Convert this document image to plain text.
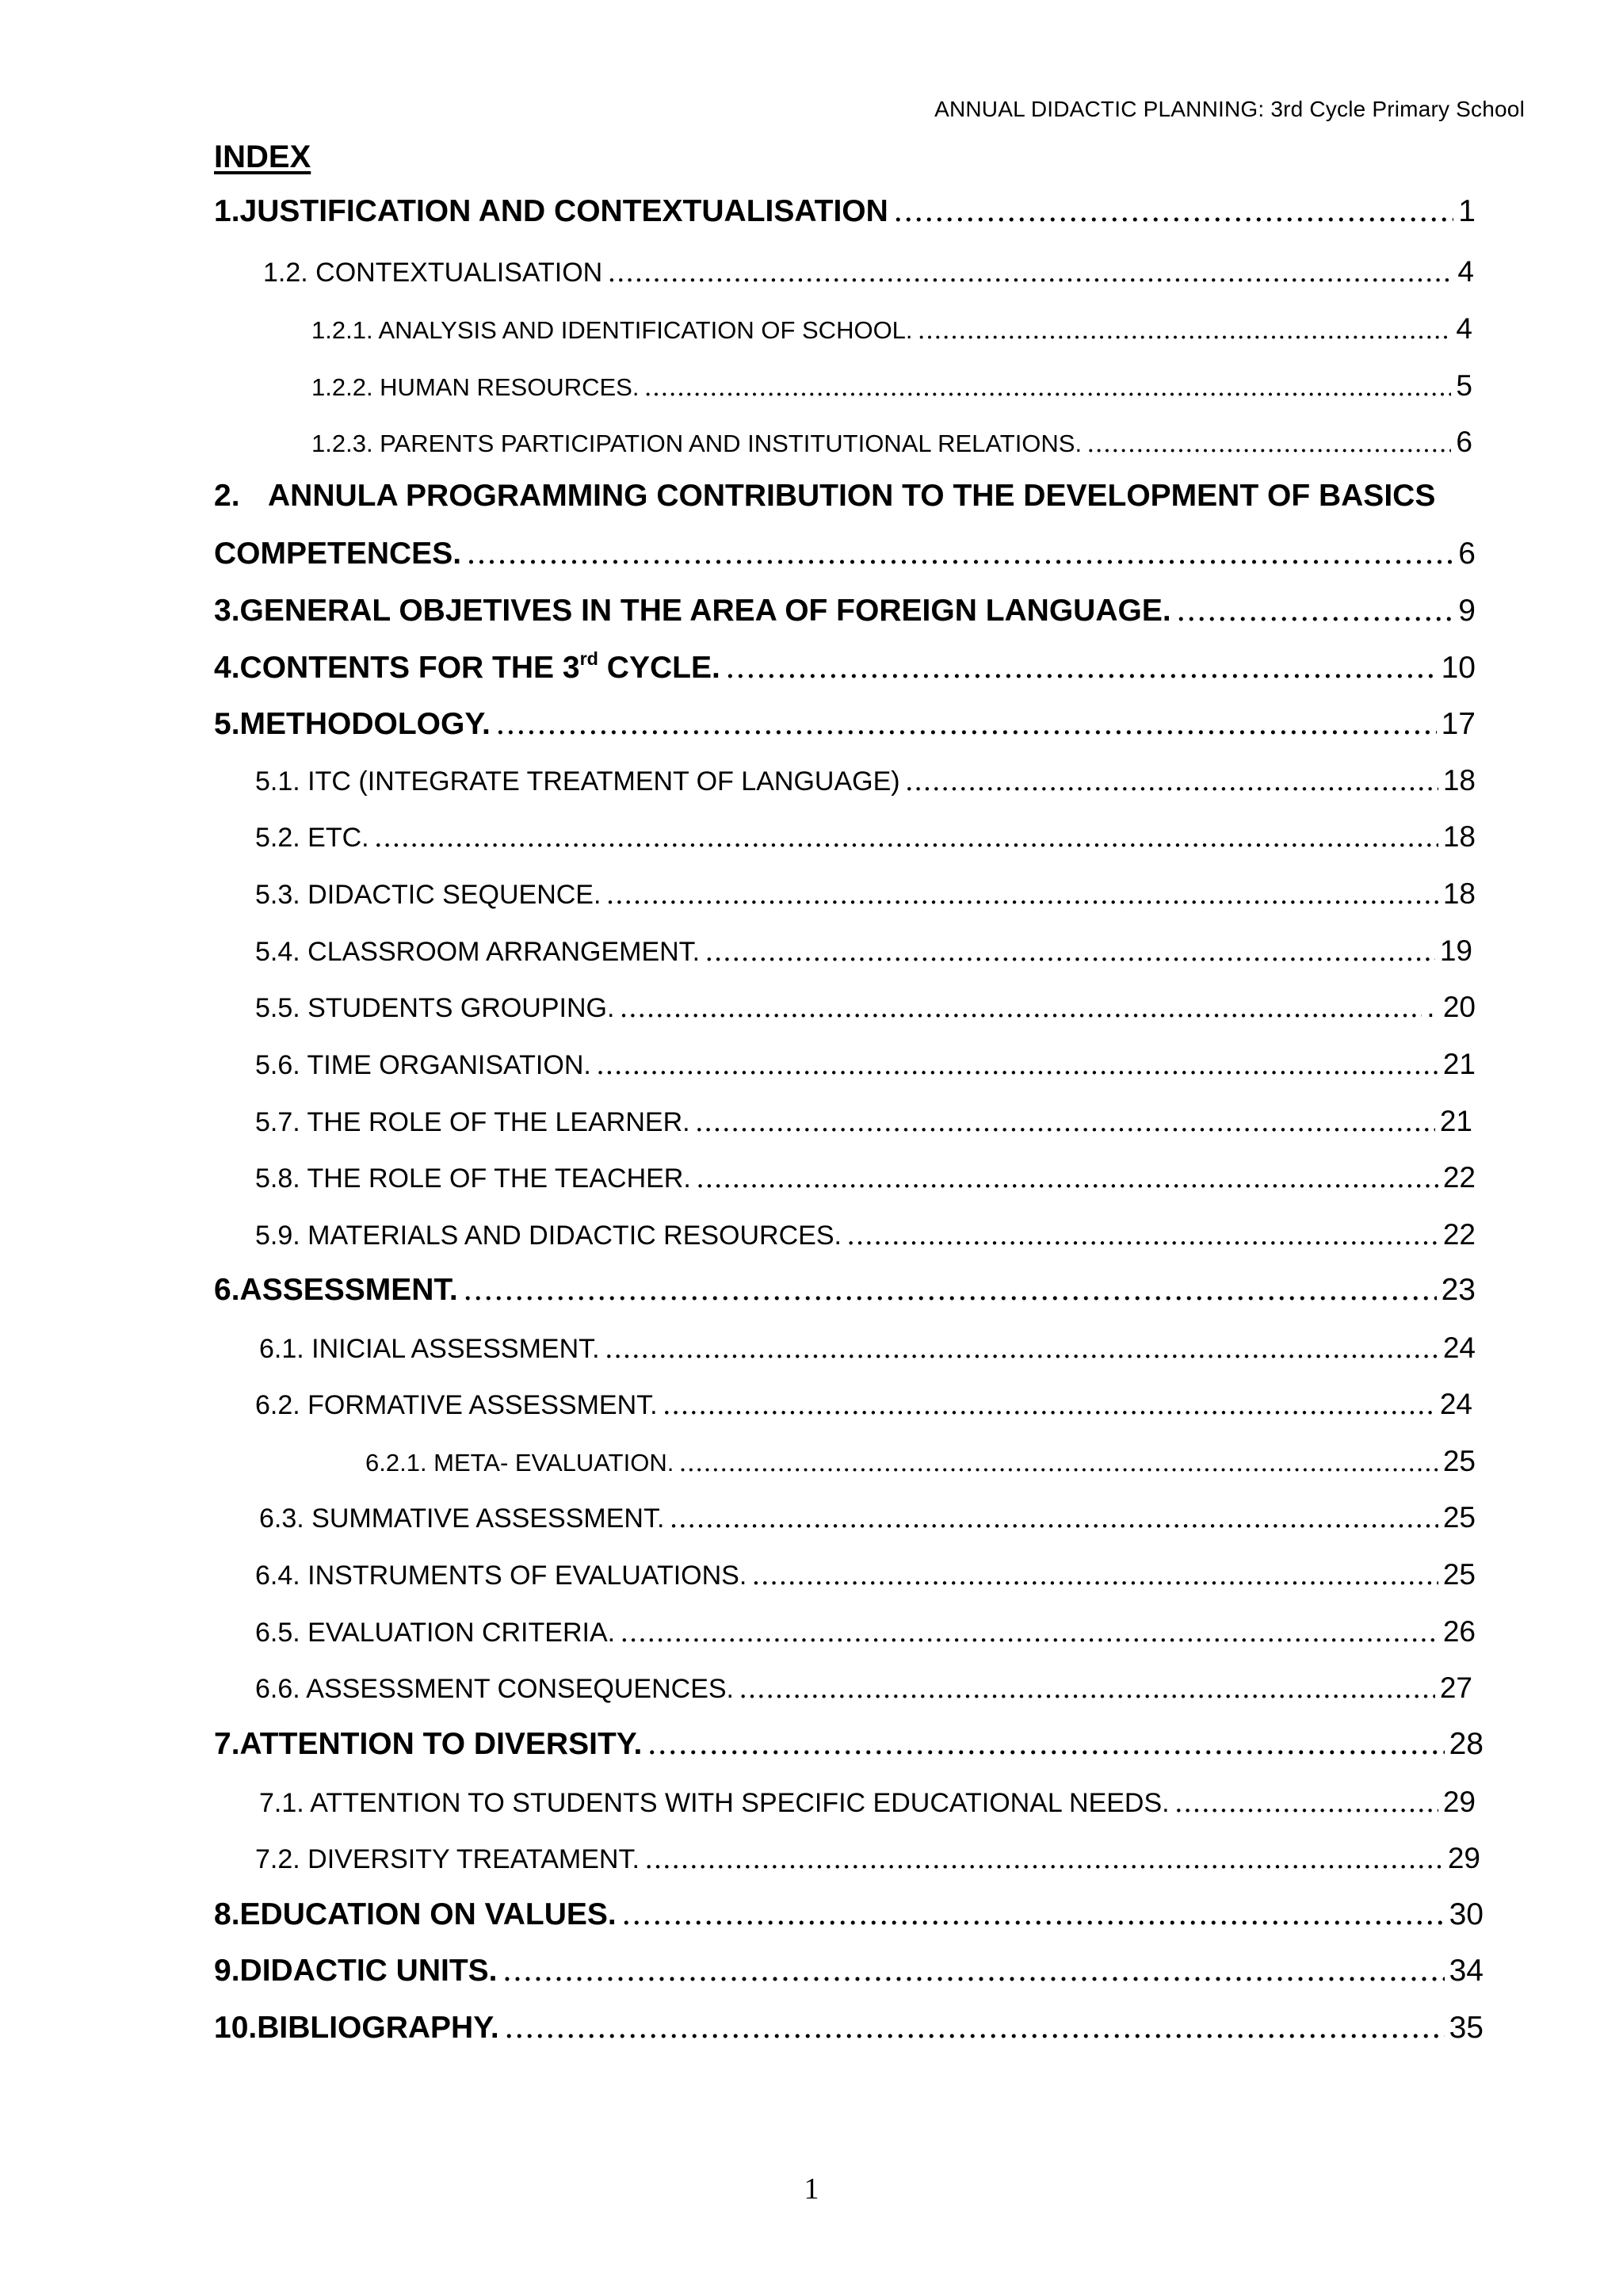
ANNUAL DIDACTIC PLANNING: 3rd Cycle Primary School
INDEX
1. JUSTIFICATION AND CONTEXTUALISATION …………………………………………………………………………………………………………………………………………………………………………………………………………………	1
1.2. CONTEXTUALISATION …………………………………………………………………………………………………………………………………………………………………………………………………………………	4
1.2.1. ANALYSIS AND IDENTIFICATION OF SCHOOL. …………………………………………………………………………………………………………………………………………………………………………………………………………………	4
1.2.2. HUMAN RESOURCES. …………………………………………………………………………………………………………………………………………………………………………………………………………………	5
1.2.3. PARENTS PARTICIPATION AND INSTITUTIONAL RELATIONS. …………………………………………………………………………………………………………………………………………………………………………………………………………………	6
2. ANNULA PROGRAMMING CONTRIBUTION TO THE DEVELOPMENT OF BASICS
COMPETENCES. …………………………………………………………………………………………………………………………………………………………………………………………………………………	6
3. GENERAL OBJETIVES IN THE AREA OF FOREIGN LANGUAGE. …………………………………………………………………………………………………………………………………………………………………………………………………………………	9
4. CONTENTS FOR THE 3rd CYCLE. …………………………………………………………………………………………………………………………………………………………………………………………………………………	10
5. METHODOLOGY. …………………………………………………………………………………………………………………………………………………………………………………………………………………	17
5.1. ITC (INTEGRATE TREATMENT OF LANGUAGE) …………………………………………………………………………………………………………………………………………………………………………………………………………………	18
5.2. ETC. …………………………………………………………………………………………………………………………………………………………………………………………………………………	18
5.3. DIDACTIC SEQUENCE. …………………………………………………………………………………………………………………………………………………………………………………………………………………	18
5.4. CLASSROOM ARRANGEMENT. …………………………………………………………………………………………………………………………………………………………………………………………………………………	19
5.5. STUDENTS GROUPING. …………………………………………………………………………………………………………………………………………………………………………………………………………………	. 20
5.6. TIME ORGANISATION. …………………………………………………………………………………………………………………………………………………………………………………………………………………	21
5.7. THE ROLE OF THE LEARNER. …………………………………………………………………………………………………………………………………………………………………………………………………………………	21
5.8. THE ROLE OF THE TEACHER. …………………………………………………………………………………………………………………………………………………………………………………………………………………	22
5.9. MATERIALS AND DIDACTIC RESOURCES. …………………………………………………………………………………………………………………………………………………………………………………………………………………	22
6. ASSESSMENT. …………………………………………………………………………………………………………………………………………………………………………………………………………………	23
6.1. INICIAL ASSESSMENT. …………………………………………………………………………………………………………………………………………………………………………………………………………………	24
6.2. FORMATIVE ASSESSMENT. …………………………………………………………………………………………………………………………………………………………………………………………………………………	24
6.2.1. META- EVALUATION. …………………………………………………………………………………………………………………………………………………………………………………………………………………	25
6.3. SUMMATIVE ASSESSMENT. …………………………………………………………………………………………………………………………………………………………………………………………………………………	25
6.4. INSTRUMENTS OF EVALUATIONS. …………………………………………………………………………………………………………………………………………………………………………………………………………………	25
6.5. EVALUATION CRITERIA. …………………………………………………………………………………………………………………………………………………………………………………………………………………	26
6.6. ASSESSMENT CONSEQUENCES. …………………………………………………………………………………………………………………………………………………………………………………………………………………	27
7. ATTENTION TO DIVERSITY. …………………………………………………………………………………………………………………………………………………………………………………………………………………	28
7.1. ATTENTION TO STUDENTS WITH SPECIFIC EDUCATIONAL NEEDS. …………………………………………………………………………………………………………………………………………………………………………………………………………………	29
7.2. DIVERSITY TREATAMENT. …………………………………………………………………………………………………………………………………………………………………………………………………………………	29
8. EDUCATION ON VALUES. …………………………………………………………………………………………………………………………………………………………………………………………………………………	30
9. DIDACTIC UNITS. …………………………………………………………………………………………………………………………………………………………………………………………………………………	34
10. BIBLIOGRAPHY. …………………………………………………………………………………………………………………………………………………………………………………………………………………	35
1
